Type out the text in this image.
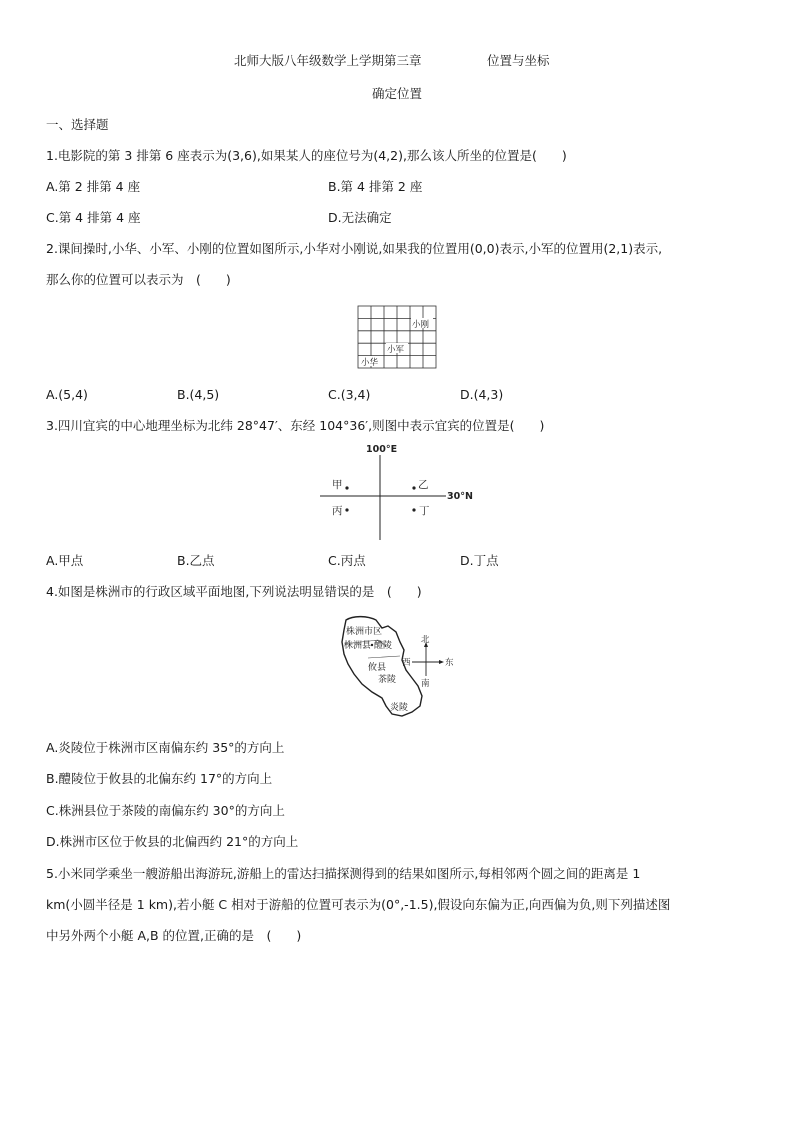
北师大版八年级数学上学期第三章	位置与坐标
确定位置
一、选择题
1.电影院的第 3 排第 6 座表示为(3,6),如果某人的座位号为(4,2),那么该人所坐的位置是(　　)
A.第 2 排第 4 座	B.第 4 排第 2 座
C.第 4 排第 4 座	D.无法确定
2.课间操时,小华、小军、小刚的位置如图所示,小华对小刚说,如果我的位置用(0,0)表示,小军的位置用(2,1)表示,
那么你的位置可以表示为　(　　)
小刚
小军
小华
A.(5,4)	B.(4,5)	C.(3,4)	D.(4,3)
3.四川宜宾的中心地理坐标为北纬 28°47′、东经 104°36′,则图中表示宜宾的位置是(　　)
100°E
30°N
甲	乙
丙	丁
A.甲点	B.乙点	C.丙点	D.丁点
4.如图是株洲市的行政区域平面地图,下列说法明显错误的是　(　　)
株洲市区
株洲县 醴陵
攸县
茶陵
炎陵
北
南
东
西
A.炎陵位于株洲市区南偏东约 35°的方向上
B.醴陵位于攸县的北偏东约 17°的方向上
C.株洲县位于茶陵的南偏东约 30°的方向上
D.株洲市区位于攸县的北偏西约 21°的方向上
5.小米同学乘坐一艘游船出海游玩,游船上的雷达扫描探测得到的结果如图所示,每相邻两个圆之间的距离是 1
km(小圆半径是 1 km),若小艇 C 相对于游船的位置可表示为(0°,-1.5),假设向东偏为正,向西偏为负,则下列描述图
中另外两个小艇 A,B 的位置,正确的是　(　　)
